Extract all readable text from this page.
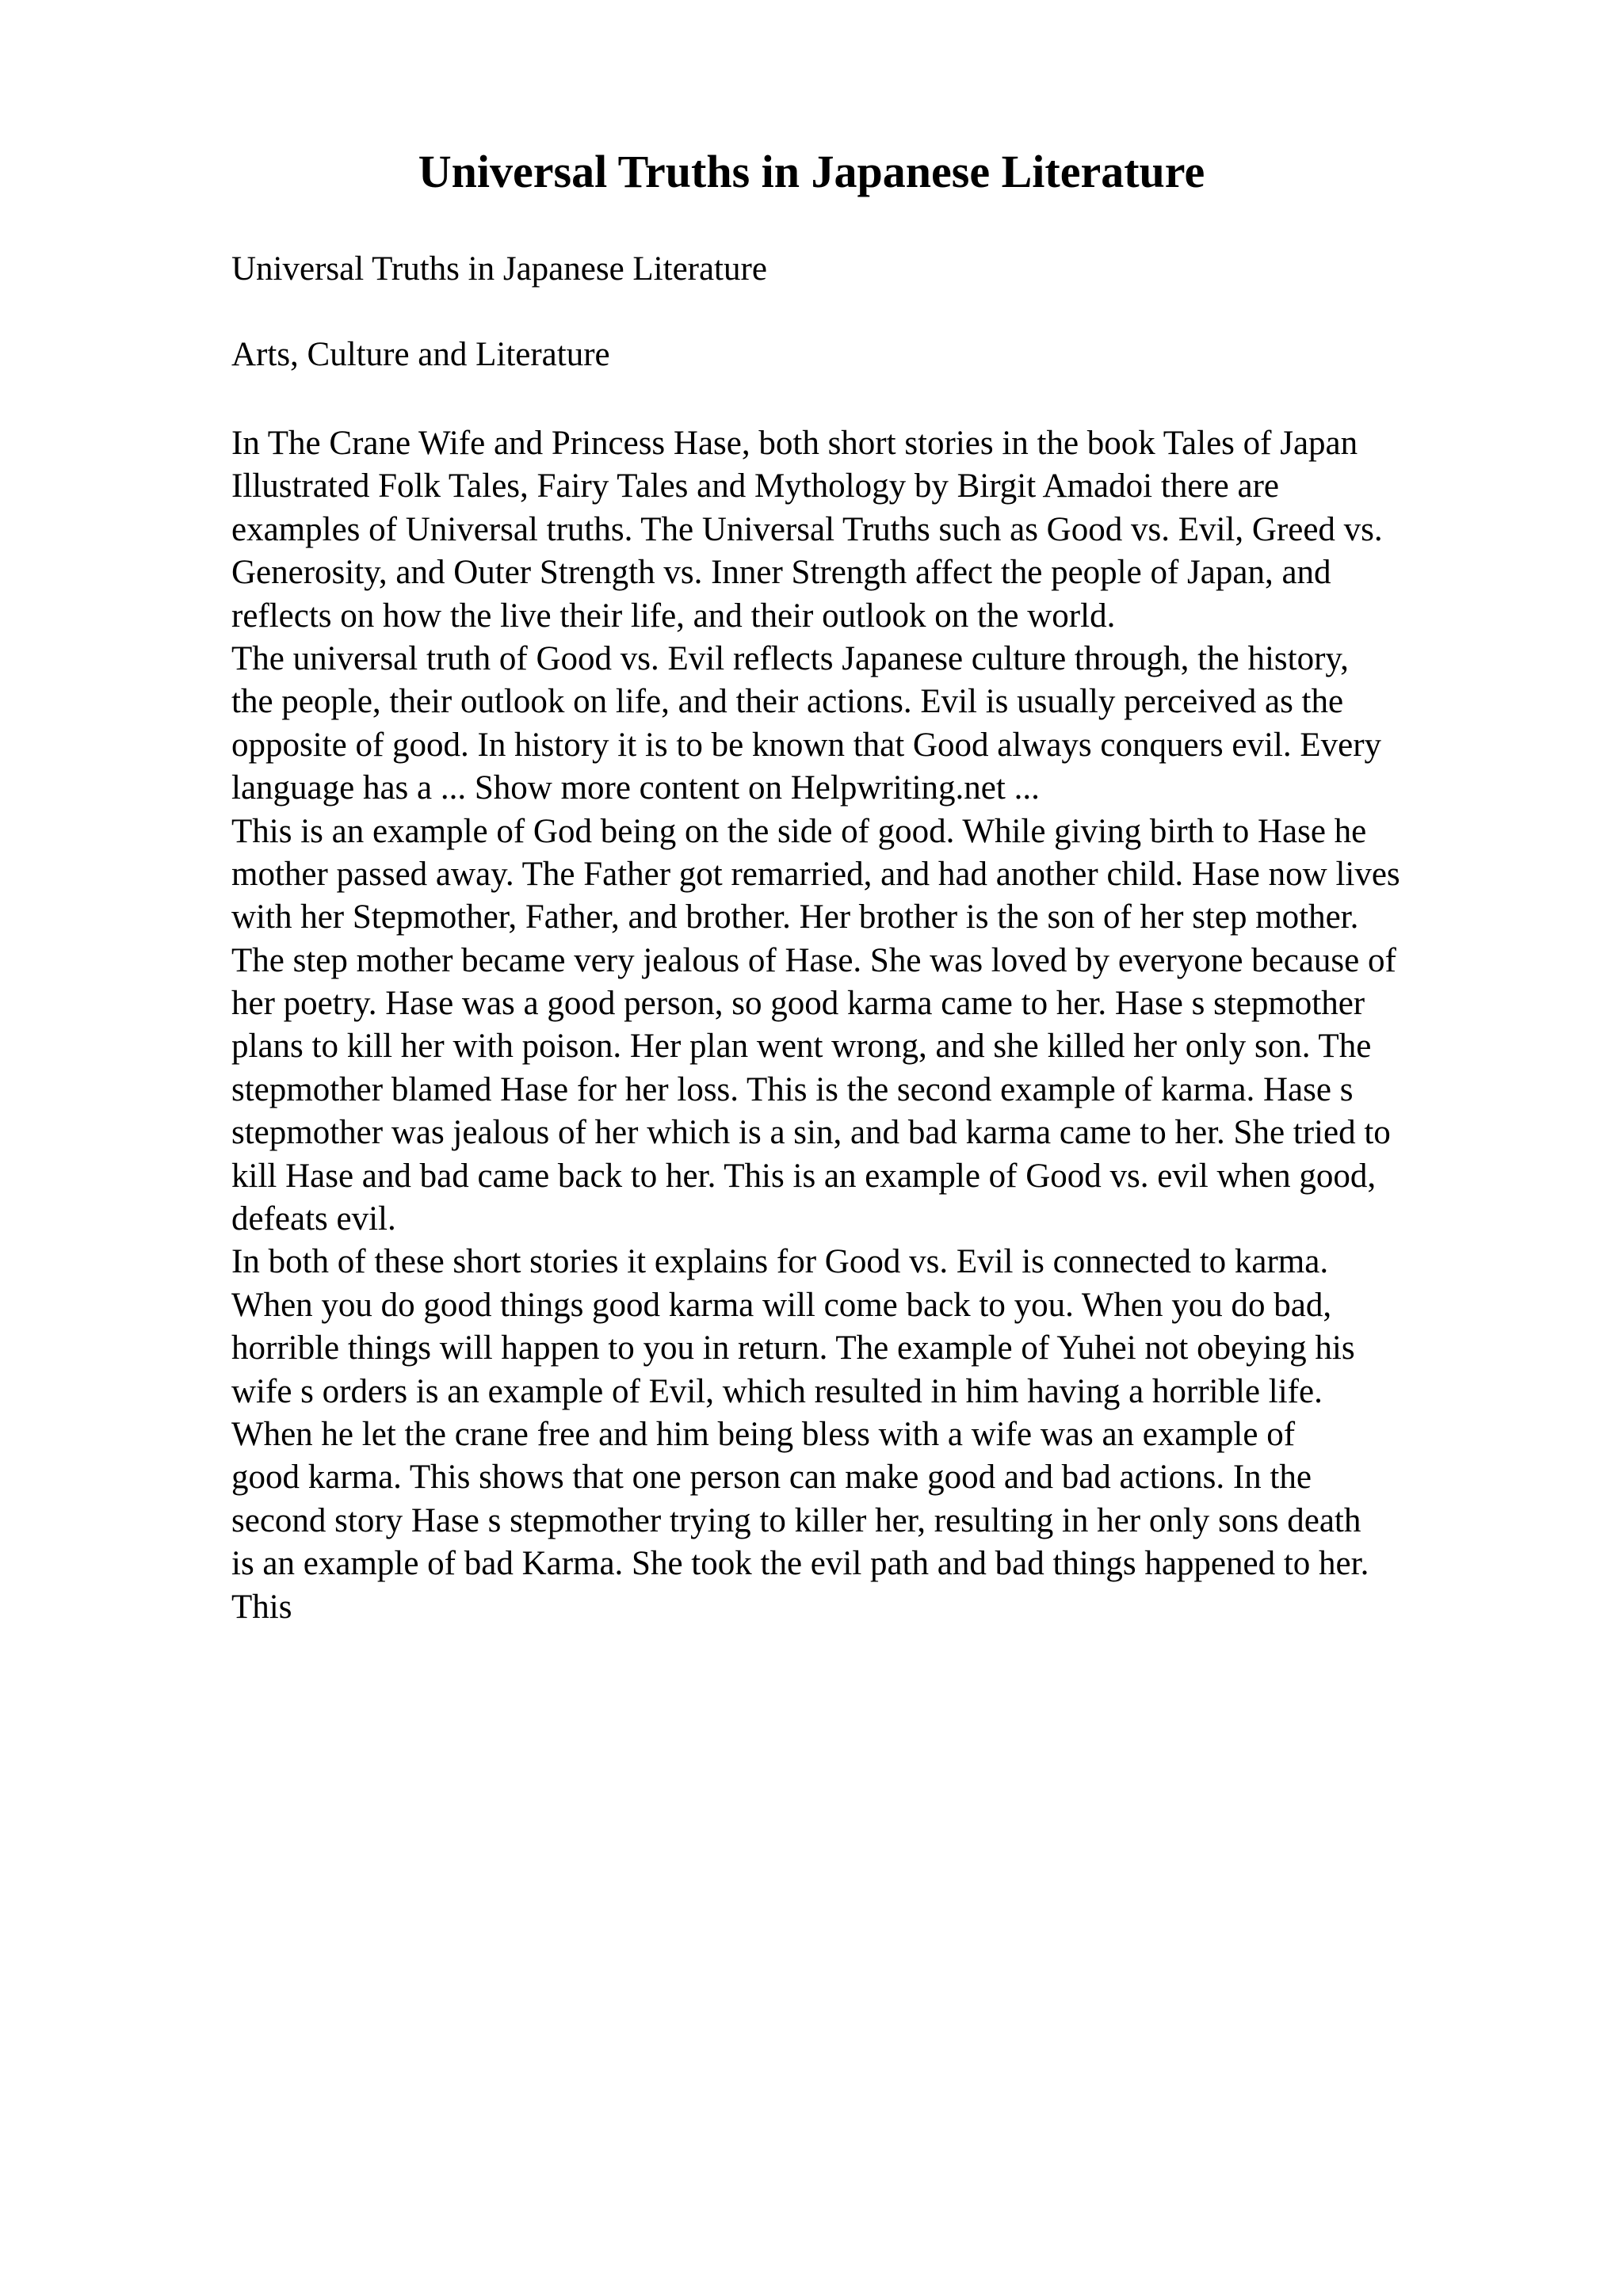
Universal Truths in Japanese Literature
Universal Truths in Japanese Literature
Arts, Culture and Literature
In The Crane Wife and Princess Hase, both short stories in the book Tales of Japan
Illustrated Folk Tales, Fairy Tales and Mythology by Birgit Amadoi there are
examples of Universal truths. The Universal Truths such as Good vs. Evil, Greed vs.
Generosity, and Outer Strength vs. Inner Strength affect the people of Japan, and
reflects on how the live their life, and their outlook on the world.
The universal truth of Good vs. Evil reflects Japanese culture through, the history,
the people, their outlook on life, and their actions. Evil is usually perceived as the
opposite of good. In history it is to be known that Good always conquers evil. Every
language has a ... Show more content on Helpwriting.net ...
This is an example of God being on the side of good. While giving birth to Hase he
mother passed away. The Father got remarried, and had another child. Hase now lives
with her Stepmother, Father, and brother. Her brother is the son of her step mother.
The step mother became very jealous of Hase. She was loved by everyone because of
her poetry. Hase was a good person, so good karma came to her. Hase s stepmother
plans to kill her with poison. Her plan went wrong, and she killed her only son. The
stepmother blamed Hase for her loss. This is the second example of karma. Hase s
stepmother was jealous of her which is a sin, and bad karma came to her. She tried to
kill Hase and bad came back to her. This is an example of Good vs. evil when good,
defeats evil.
In both of these short stories it explains for Good vs. Evil is connected to karma.
When you do good things good karma will come back to you. When you do bad,
horrible things will happen to you in return. The example of Yuhei not obeying his
wife s orders is an example of Evil, which resulted in him having a horrible life.
When he let the crane free and him being bless with a wife was an example of
good karma. This shows that one person can make good and bad actions. In the
second story Hase s stepmother trying to killer her, resulting in her only sons death
is an example of bad Karma. She took the evil path and bad things happened to her.
This
